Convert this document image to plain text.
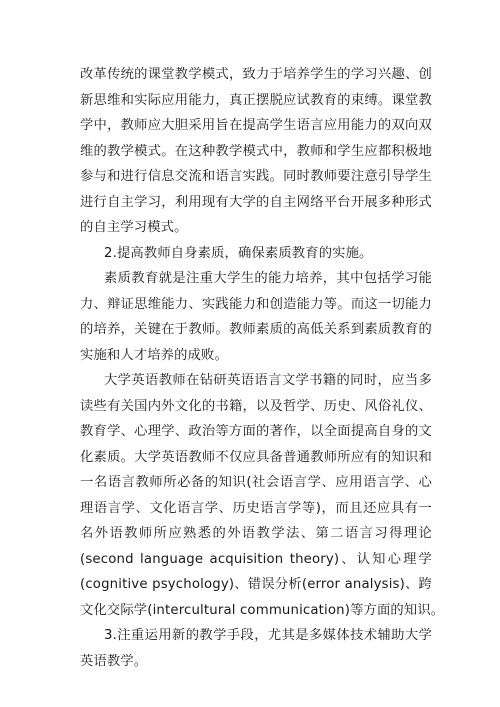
改革传统的课堂教学模式，致力于培养学生的学习兴趣、创
新思维和实际应用能力，真正摆脱应试教育的束缚。课堂教
学中，教师应大胆采用旨在提高学生语言应用能力的双向双
维的教学模式。在这种教学模式中，教师和学生应都积极地
参与和进行信息交流和语言实践。同时教师要注意引导学生
进行自主学习，利用现有大学的自主网络平台开展多种形式
的自主学习模式。
2.提高教师自身素质，确保素质教育的实施。
素质教育就是注重大学生的能力培养，其中包括学习能
力、辩证思维能力、实践能力和创造能力等。而这一切能力
的培养，关键在于教师。教师素质的高低关系到素质教育的
实施和人才培养的成败。
大学英语教师在钻研英语语言文学书籍的同时，应当多
读些有关国内外文化的书籍，以及哲学、历史、风俗礼仪、
教育学、心理学、政治等方面的著作，以全面提高自身的文
化素质。大学英语教师不仅应具备普通教师所应有的知识和
一名语言教师所必备的知识(社会语言学、应用语言学、心
理语言学、文化语言学、历史语言学等)，而且还应具有一
名外语教师所应熟悉的外语教学法、第二语言习得理论
(second language acquisition theory)、认知心理学
(cognitive psychology)、错误分析(error analysis)、跨
文化交际学(intercultural communication)等方面的知识。
3.注重运用新的教学手段，尤其是多媒体技术辅助大学
英语教学。
